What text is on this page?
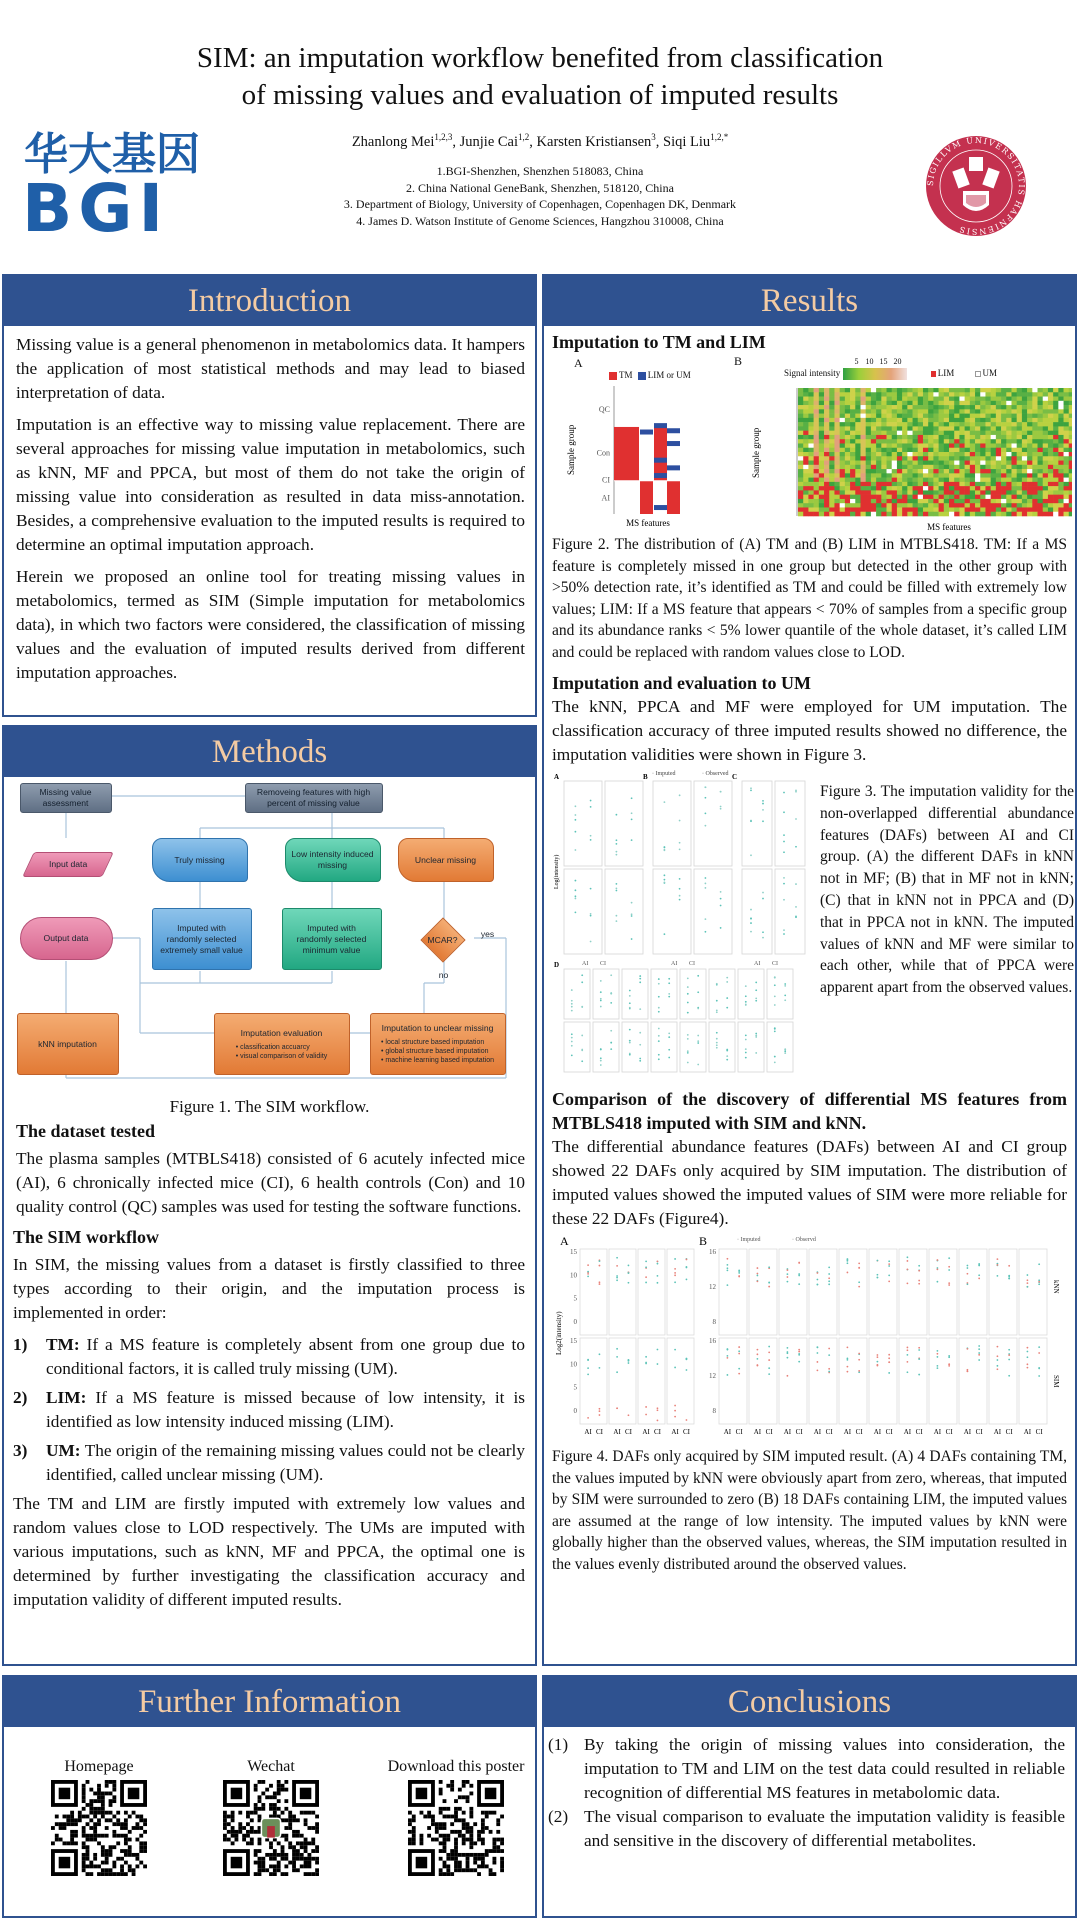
SIM: an imputation workflow benefited from classification
of missing values and evaluation of imputed results
华大基因
BGI
Zhanlong Mei$^{1,2,3}$, Junjie Cai$^{1,2}$, Karsten Kristiansen$^3$, Siqi Liu$^{1,2,*}$
1.BGI-Shenzhen, Shenzhen 518083, China
2. China National GeneBank, Shenzhen, 518120, China
3. Department of Biology, University of Copenhagen, Copenhagen DK, Denmark
4. James D. Watson Institute of Genome Sciences, Hangzhou 310008, China
SIGILLVM UNIVERSITATIS HAFNIENSIS
Introduction

Missing value is a general phenomenon in metabolomics data. It hampers the application of most statistical methods and may lead to biased interpretation of data.

Imputation is an effective way to missing value replacement. There are several approaches for missing value imputation in metabolomics, such as kNN, MF and PPCA, but most of them do not take the origin of missing value into consideration as resulted in data miss-annotation. Besides, a comprehensive evaluation to the imputed results is required to determine an optimal imputation approach.

Herein we proposed an online tool for treating missing values in metabolomics, termed as SIM (Simple imputation for metabolomics data), in which two factors were considered, the classification of missing values and the evaluation of imputed results derived from different imputation approaches.

Methods
Missing value assessment
Removeing features with high percent of missing value
Input data	Truly missing
Low intensity induced missing
Unclear missing
Imputed with randomly selected extremely small value
Imputed with randomly selected minimum value
Output data	MCAR?
yes
no
kNN imputation
Imputation evaluation
• classification accuarcy
• visual comparison of validity
Imputation to unclear missing
• local structure based imputation
• global structure based imputation
• machine learning based imputation
Figure 1. The SIM workflow.
The dataset tested

The plasma samples (MTBLS418) consisted of 6 acutely infected mice (AI), 6 chronically infected mice (CI), 6 health controls (Con) and 10 quality control (QC) samples was used for testing the software functions.

The SIM workflow

In SIM, the missing values from a dataset is firstly classified to three types according to their origin, and the imputation process is implemented in order:

1)	TM: If a MS feature is completely absent from one group due to conditional factors, it is called truly missing (UM).
2)	LIM: If a MS feature is missed because of low intensity, it is identified as low intensity induced missing (LIM).
3)	UM: The origin of the remaining missing values could not be clearly identified, called unclear missing (UM).

The TM and LIM are firstly imputed with extremely low values and random values close to LOD respectively. The UMs are imputed with various imputations, such as kNN, MF and PPCA, the optimal one is determined by further investigating the classification accuracy and imputation validity of different imputed results.

Results
Imputation to TM and LIM
A	B
TM LIM or UM	Signal intensity
5 10 15 20
LIM	UM
QC
Con
CI
AI
Sample group
MS features
Sample group
MS features
Figure 2. The distribution of (A) TM and (B) LIM in MTBLS418. TM: If a MS feature is completely missed in one group but detected in the other group with >50% detection rate, it’s identified as TM and could be filled with extremely low values; LIM: If a MS feature that appears < 70% of samples from a specific group and its abundance ranks < 5% lower quantile of the whole dataset, it’s called LIM and could be replaced with random values close to LOD.
Imputation and evaluation to UM
The kNN, PPCA and MF were employed for UM imputation. The classification accuracy of three imputed results showed no difference, the imputation validities were shown in Figure 3.
· Imputed	· Observed
A	B	C
D
Log(intensity)
AI CI	AI CI	AI CI
Figure 3. The imputation validity for the non-overlapped differential abundance features (DAFs) between AI and CI group. (A) the different DAFs in kNN not in MF; (B) that in MF not in kNN; (C) that in kNN not in PPCA and (D) that in PPCA not in kNN. The imputed values of kNN and MF were similar to each other, while that of PPCA were apparent apart from the observed values.
Comparison of the discovery of differential MS features from MTBLS418 imputed with SIM and kNN.
The differential abundance features (DAFs) between AI and CI group showed 22 DAFs only acquired by SIM imputation. The distribution of imputed values showed the imputed values of SIM were more reliable for these 22 DAFs (Figure4).
· Imputed	· Observd
A
15
10
5
0
15
10
5
0
AI CI AI CI AI CI AI CI
B
16
12
8
16
12
8
AI CI AI CI AI CI AI CI AI CI AI CI AI CI AI CI AI CI AI CI AI CI
Log2(intensity)
kNN
SIM
Figure 4. DAFs only acquired by SIM imputed result. (A) 4 DAFs containing TM, the values imputed by kNN were obviously apart from zero, whereas, that imputed by SIM were surrounded to zero (B) 18 DAFs containing LIM, the imputed values are assumed at the range of low intensity. The imputed values by kNN were globally higher than the observed values, whereas, the SIM imputation resulted in the values evenly distributed around the observed values.
Further Information
Homepage	Wechat	Download this poster
Conclusions
(1) By taking the origin of missing values into consideration, the imputation to TM and LIM on the test data could resulted in reliable recognition of differential MS features in metabolomic data.
(2) The visual comparison to evaluate the imputation validity is feasible and sensitive in the discovery of differential metabolites.
